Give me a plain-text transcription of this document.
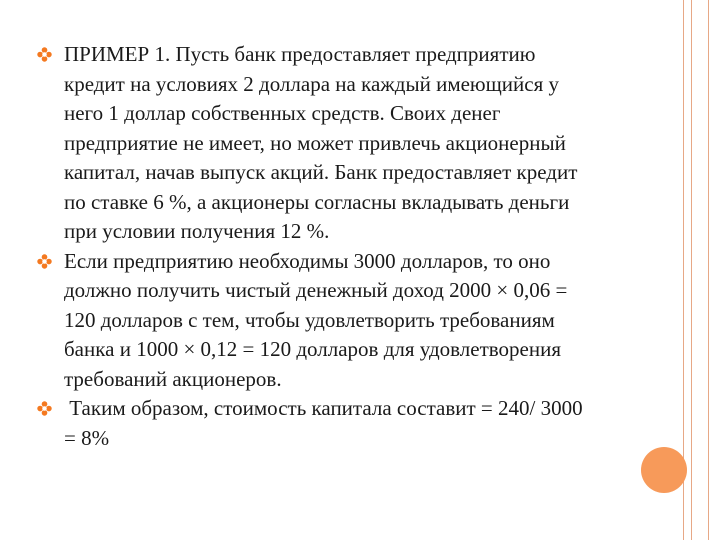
ПРИМЕР 1. Пусть банк предоставляет предприятию
кредит на условиях 2 доллара на каждый имеющийся у
него 1 доллар собственных средств. Своих денег
предприятие не имеет, но может привлечь акционерный
капитал, начав выпуск акций. Банк предоставляет кредит
по ставке 6 %, а акционеры согласны вкладывать деньги
при условии получения 12 %.
Если предприятию необходимы 3000 долларов, то оно
должно получить чистый денежный доход 2000 × 0,06 =
120 долларов с тем, чтобы удовлетворить требованиям
банка и 1000 × 0,12 = 120 долларов для удовлетворения
требований акционеров.
Таким образом, стоимость капитала составит = 240/ 3000
= 8%
